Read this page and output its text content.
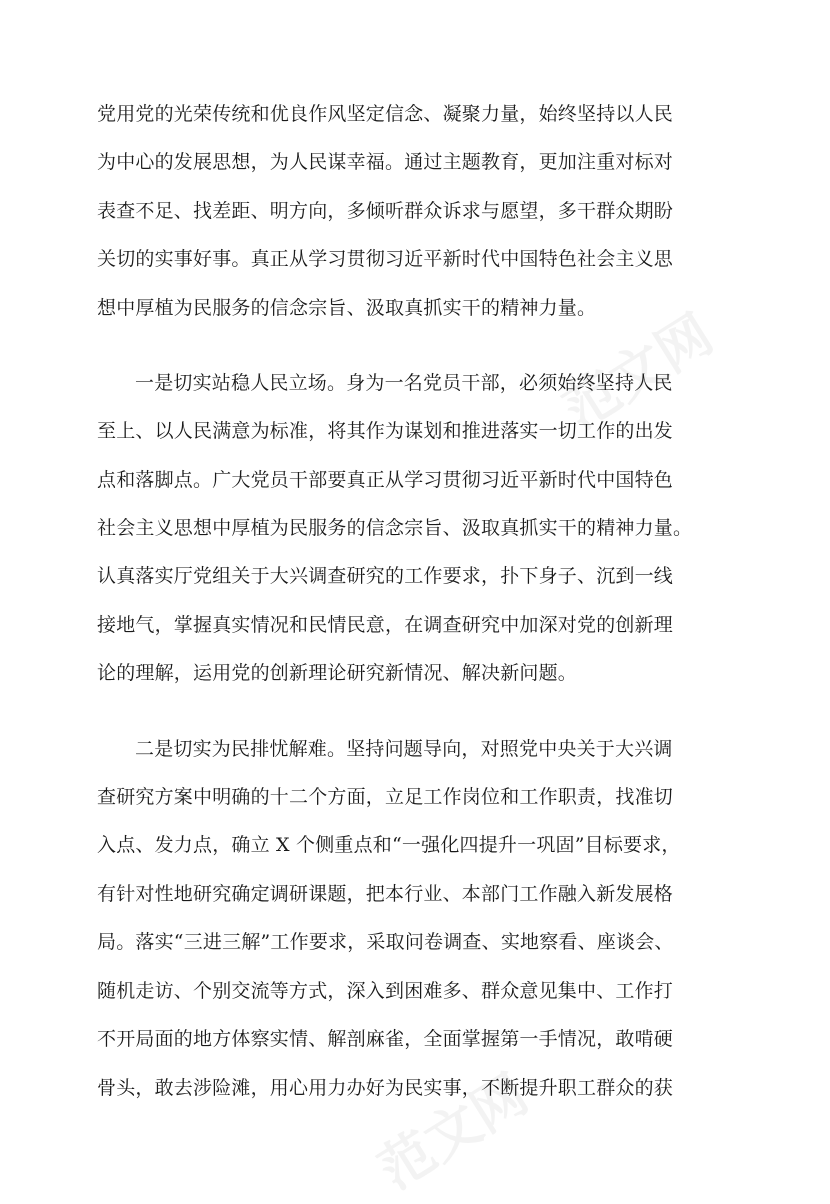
范文网
范文网
党用党的光荣传统和优良作风坚定信念、凝聚力量，始终坚持以人民
为中心的发展思想，为人民谋幸福。通过主题教育，更加注重对标对
表查不足、找差距、明方向，多倾听群众诉求与愿望，多干群众期盼
关切的实事好事。真正从学习贯彻习近平新时代中国特色社会主义思
想中厚植为民服务的信念宗旨、汲取真抓实干的精神力量。
一是切实站稳人民立场。身为一名党员干部，必须始终坚持人民
至上、以人民满意为标准，将其作为谋划和推进落实一切工作的出发
点和落脚点。广大党员干部要真正从学习贯彻习近平新时代中国特色
社会主义思想中厚植为民服务的信念宗旨、汲取真抓实干的精神力量。
认真落实厅党组关于大兴调查研究的工作要求，扑下身子、沉到一线
接地气，掌握真实情况和民情民意，在调查研究中加深对党的创新理
论的理解，运用党的创新理论研究新情况、解决新问题。
二是切实为民排忧解难。坚持问题导向，对照党中央关于大兴调
查研究方案中明确的十二个方面，立足工作岗位和工作职责，找准切
入点、发力点，确立 X 个侧重点和“一强化四提升一巩固”目标要求，
有针对性地研究确定调研课题，把本行业、本部门工作融入新发展格
局。落实“三进三解”工作要求，采取问卷调查、实地察看、座谈会、
随机走访、个别交流等方式，深入到困难多、群众意见集中、工作打
不开局面的地方体察实情、解剖麻雀，全面掌握第一手情况，敢啃硬
骨头，敢去涉险滩，用心用力办好为民实事，不断提升职工群众的获
